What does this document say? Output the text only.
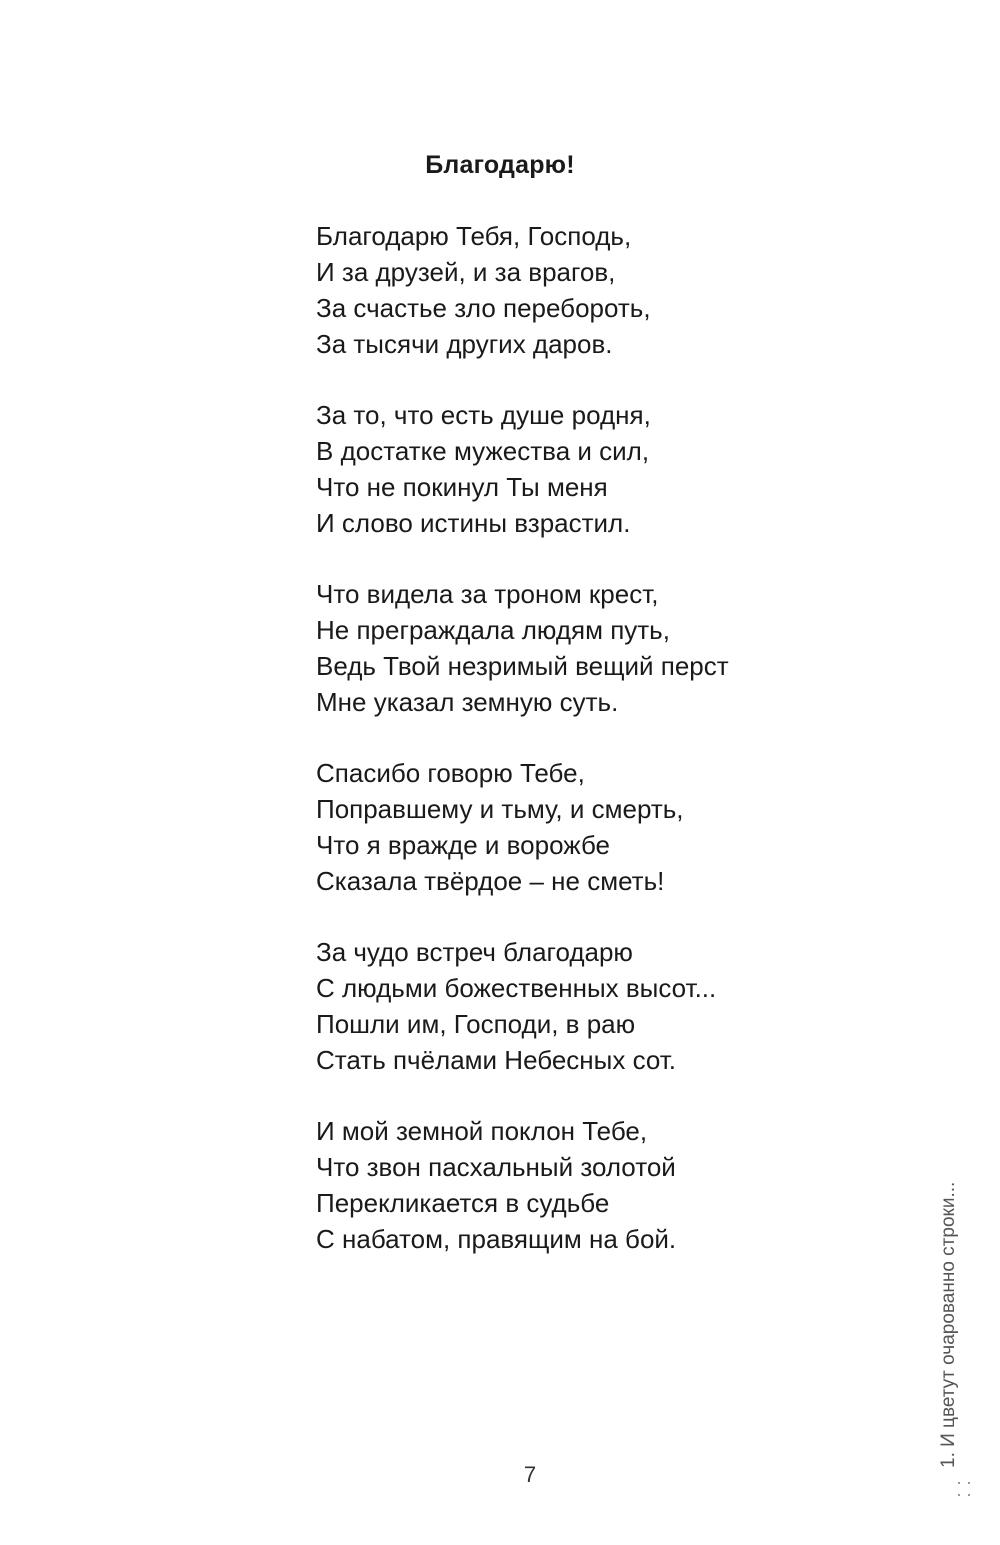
Благодарю!
Благодарю Тебя, Господь,
И за друзей, и за врагов,
За счастье зло перебороть,
За тысячи других даров.
За то, что есть душе родня,
В достатке мужества и сил,
Что не покинул Ты меня
И слово истины взрастил.
Что видела за троном крест,
Не преграждала людям путь,
Ведь Твой незримый вещий перст
Мне указал земную суть.
Спасибо говорю Тебе,
Поправшему и тьму, и смерть,
Что я вражде и ворожбе
Сказала твёрдое – не сметь!
За чудо встреч благодарю
С людьми божественных высот...
Пошли им, Господи, в раю
Стать пчёлами Небесных сот.
И мой земной поклон Тебе,
Что звон пасхальный золотой
Перекликается в судьбе
С набатом, правящим на бой.
7
1. И цветут очарованно строки...
